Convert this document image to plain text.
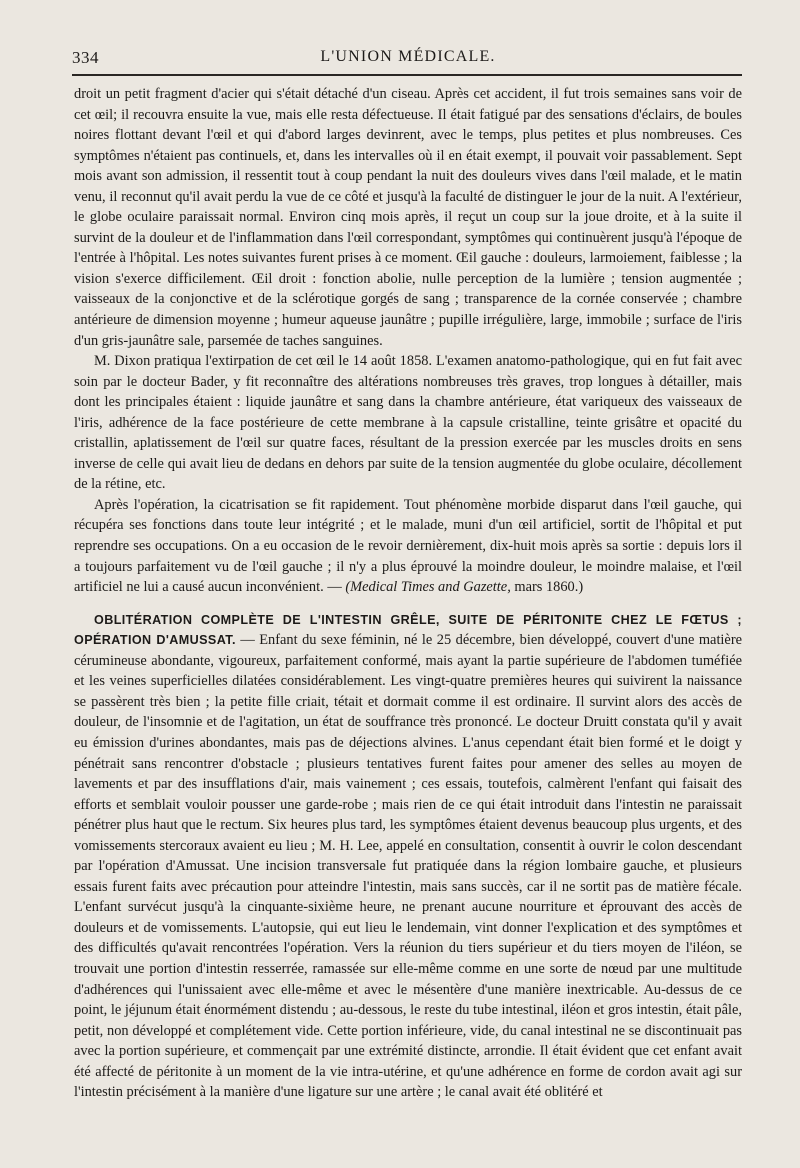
334	L'UNION MÉDICALE.

droit un petit fragment d'acier qui s'était détaché d'un ciseau. Après cet accident, il fut trois semaines sans voir de cet œil; il recouvra ensuite la vue, mais elle resta défectueuse. Il était fatigué par des sensations d'éclairs, de boules noires flottant devant l'œil et qui d'abord larges devinrent, avec le temps, plus petites et plus nombreuses. Ces symptômes n'étaient pas continuels, et, dans les intervalles où il en était exempt, il pouvait voir passablement. Sept mois avant son admission, il ressentit tout à coup pendant la nuit des douleurs vives dans l'œil malade, et le matin venu, il reconnut qu'il avait perdu la vue de ce côté et jusqu'à la faculté de distinguer le jour de la nuit. A l'extérieur, le globe oculaire paraissait normal. Environ cinq mois après, il reçut un coup sur la joue droite, et à la suite il survint de la douleur et de l'inflammation dans l'œil correspondant, symptômes qui continuèrent jusqu'à l'époque de l'entrée à l'hôpital. Les notes suivantes furent prises à ce moment. Œil gauche : douleurs, larmoiement, faiblesse ; la vision s'exerce difficilement. Œil droit : fonction abolie, nulle perception de la lumière ; tension augmentée ; vaisseaux de la conjonctive et de la sclérotique gorgés de sang ; transparence de la cornée conservée ; chambre antérieure de dimension moyenne ; humeur aqueuse jaunâtre ; pupille irrégulière, large, immobile ; surface de l'iris d'un gris-jaunâtre sale, parsemée de taches sanguines.

M. Dixon pratiqua l'extirpation de cet œil le 14 août 1858. L'examen anatomo-pathologique, qui en fut fait avec soin par le docteur Bader, y fit reconnaître des altérations nombreuses très graves, trop longues à détailler, mais dont les principales étaient : liquide jaunâtre et sang dans la chambre antérieure, état variqueux des vaisseaux de l'iris, adhérence de la face postérieure de cette membrane à la capsule cristalline, teinte grisâtre et opacité du cristallin, aplatissement de l'œil sur quatre faces, résultant de la pression exercée par les muscles droits en sens inverse de celle qui avait lieu de dedans en dehors par suite de la tension augmentée du globe oculaire, décollement de la rétine, etc.

Après l'opération, la cicatrisation se fit rapidement. Tout phénomène morbide disparut dans l'œil gauche, qui récupéra ses fonctions dans toute leur intégrité ; et le malade, muni d'un œil artificiel, sortit de l'hôpital et put reprendre ses occupations. On a eu occasion de le revoir dernièrement, dix-huit mois après sa sortie : depuis lors il a toujours parfaitement vu de l'œil gauche ; il n'y a plus éprouvé la moindre douleur, le moindre malaise, et l'œil artificiel ne lui a causé aucun inconvénient. — (Medical Times and Gazette, mars 1860.)

OBLITÉRATION COMPLÈTE DE L'INTESTIN GRÊLE, SUITE DE PÉRITONITE CHEZ LE FŒTUS ; OPÉRATION D'AMUSSAT. — Enfant du sexe féminin, né le 25 décembre, bien développé, couvert d'une matière cérumineuse abondante, vigoureux, parfaitement conformé, mais ayant la partie supérieure de l'abdomen tuméfiée et les veines superficielles dilatées considérablement. Les vingt-quatre premières heures qui suivirent la naissance se passèrent très bien ; la petite fille criait, tétait et dormait comme il est ordinaire. Il survint alors des accès de douleur, de l'insomnie et de l'agitation, un état de souffrance très prononcé. Le docteur Druitt constata qu'il y avait eu émission d'urines abondantes, mais pas de déjections alvines. L'anus cependant était bien formé et le doigt y pénétrait sans rencontrer d'obstacle ; plusieurs tentatives furent faites pour amener des selles au moyen de lavements et par des insufflations d'air, mais vainement ; ces essais, toutefois, calmèrent l'enfant qui faisait des efforts et semblait vouloir pousser une garde-robe ; mais rien de ce qui était introduit dans l'intestin ne paraissait pénétrer plus haut que le rectum. Six heures plus tard, les symptômes étaient devenus beaucoup plus urgents, et des vomissements stercoraux avaient eu lieu ; M. H. Lee, appelé en consultation, consentit à ouvrir le colon descendant par l'opération d'Amussat. Une incision transversale fut pratiquée dans la région lombaire gauche, et plusieurs essais furent faits avec précaution pour atteindre l'intestin, mais sans succès, car il ne sortit pas de matière fécale. L'enfant survécut jusqu'à la cinquante-sixième heure, ne prenant aucune nourriture et éprouvant des accès de douleurs et de vomissements. L'autopsie, qui eut lieu le lendemain, vint donner l'explication et des symptômes et des difficultés qu'avait rencontrées l'opération. Vers la réunion du tiers supérieur et du tiers moyen de l'iléon, se trouvait une portion d'intestin resserrée, ramassée sur elle-même comme en une sorte de nœud par une multitude d'adhérences qui l'unissaient avec elle-même et avec le mésentère d'une manière inextricable. Au-dessus de ce point, le jéjunum était énormément distendu ; au-dessous, le reste du tube intestinal, iléon et gros intestin, était pâle, petit, non développé et complétement vide. Cette portion inférieure, vide, du canal intestinal ne se discontinuait pas avec la portion supérieure, et commençait par une extrémité distincte, arrondie. Il était évident que cet enfant avait été affecté de péritonite à un moment de la vie intra-utérine, et qu'une adhérence en forme de cordon avait agi sur l'intestin précisément à la manière d'une ligature sur une artère ; le canal avait été oblitéré et
